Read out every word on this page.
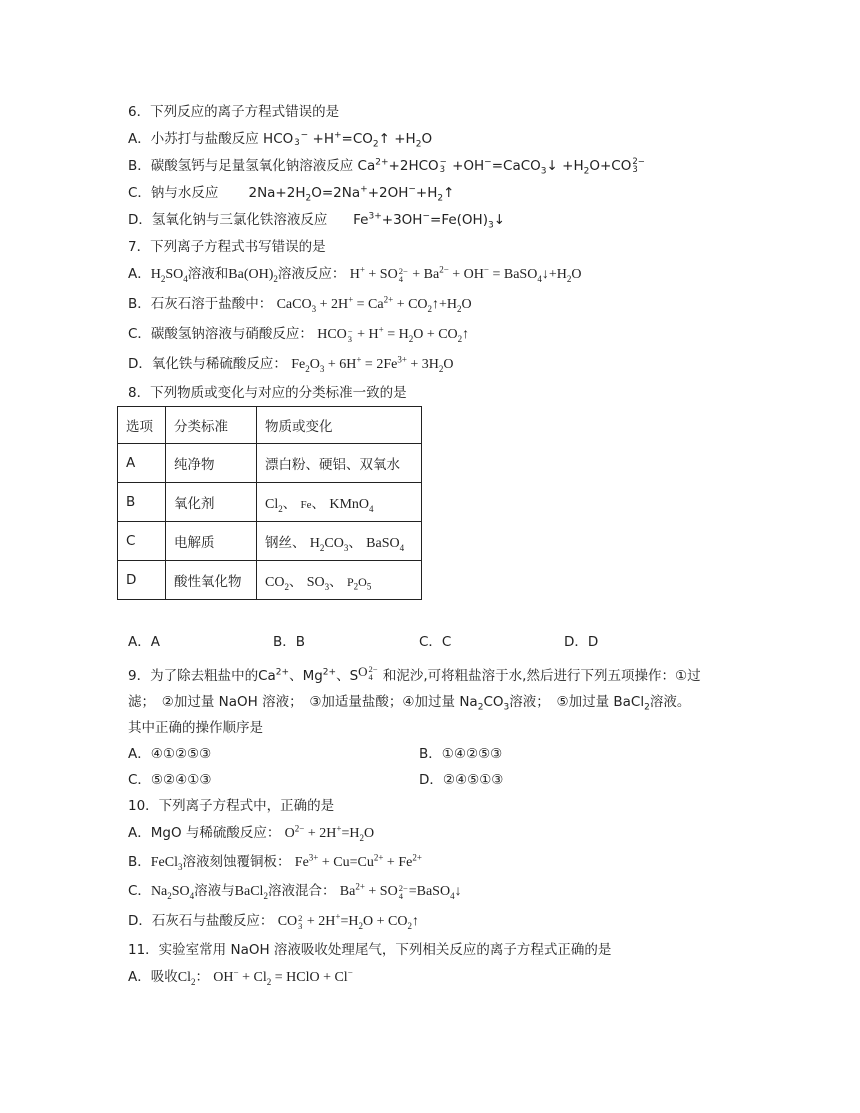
6．下列反应的离子方程式错误的是
A．小苏打与盐酸反应 HCO
3
$^- +H^+=CO_2↑ +H_2O$
B．碳酸氢钙与足量氢氧化钠溶液反应 $Ca^{2+}+2HCO$ −
3 +OH−=CaCO$_3$↓ $+H_2O+CO$ 2−
3
C．钠与水反应       $2Na+2H_2O=2Na^++2OH^-+H_2↑$
D．氢氧化钠与三氯化铁溶液反应      $Fe^{3+}+3OH^-=Fe(OH)_3↓$
7．下列离子方程式书写错误的是
A．$H_2SO_4$溶液和$Ba(OH)_2$溶液反应： H+ + SO 2−
$4 + Ba^{2-} + OH^-$ = $BaSO_4↓+H_2O$
B．石灰石溶于盐酸中： CaCO$_3$ + $2H^+ = Ca^{2+}$ + $CO_2↑+H_2O$
C．碳酸氢钠溶液与硝酸反应： HCO −
$3 + H^+ = H_2O$ + $CO_2↑$
D．氧化铁与稀硫酸反应： $Fe_2O_3 + 6H^+ = 2Fe^{3+} + 3H_2O$
8．下列物质或变化与对应的分类标准一致的是
选项	分类标准	物质或变化
A	纯净物	漂白粉、硬铝、双氧水
B	氧化剂	$Cl_2$、 Fe、 KMnO$_4$
C	电解质	钢丝、 $H_2CO_3$、 BaSO$_4$
D	酸性氧化物	$CO_2$、 $SO_3$、 $P_2O_5$
A．A	B．B	C．C	D．D
9．为了除去粗盐中的$Ca^{2+}$、$Mg^{2+}$、SO 2−
4 和泥沙,可将粗盐溶于水,然后进行下列五项操作：①过
滤；　②加过量 NaOH 溶液；　③加适量盐酸；④加过量 $Na_2CO_3$溶液；　⑤加过量 BaCl$_2$溶液。
其中正确的操作顺序是
A．④①②⑤③	B．①④②⑤③
C．⑤②④①③	D．②④⑤①③
10．下列离子方程式中，正确的是
A．MgO 与稀硫酸反应： $O^{2-} + 2H^+=H_2O$
B．FeCl$_3$溶液刻蚀覆铜板： $Fe^{3+} + Cu=Cu^{2+} + Fe^{2+}$
C．$Na_2SO_4$溶液与BaCl$_2$溶液混合： $Ba^{2+}$ + SO 2−
4 =BaSO$_4$↓
D．石灰石与盐酸反应： CO 2
$3 + 2H^+=H_2O$ + $CO_2↑$
11．实验室常用 NaOH 溶液吸收处理尾气，下列相关反应的离子方程式正确的是
A．吸收$Cl_2$： $OH^- + Cl_2$ = HClO + Cl−
